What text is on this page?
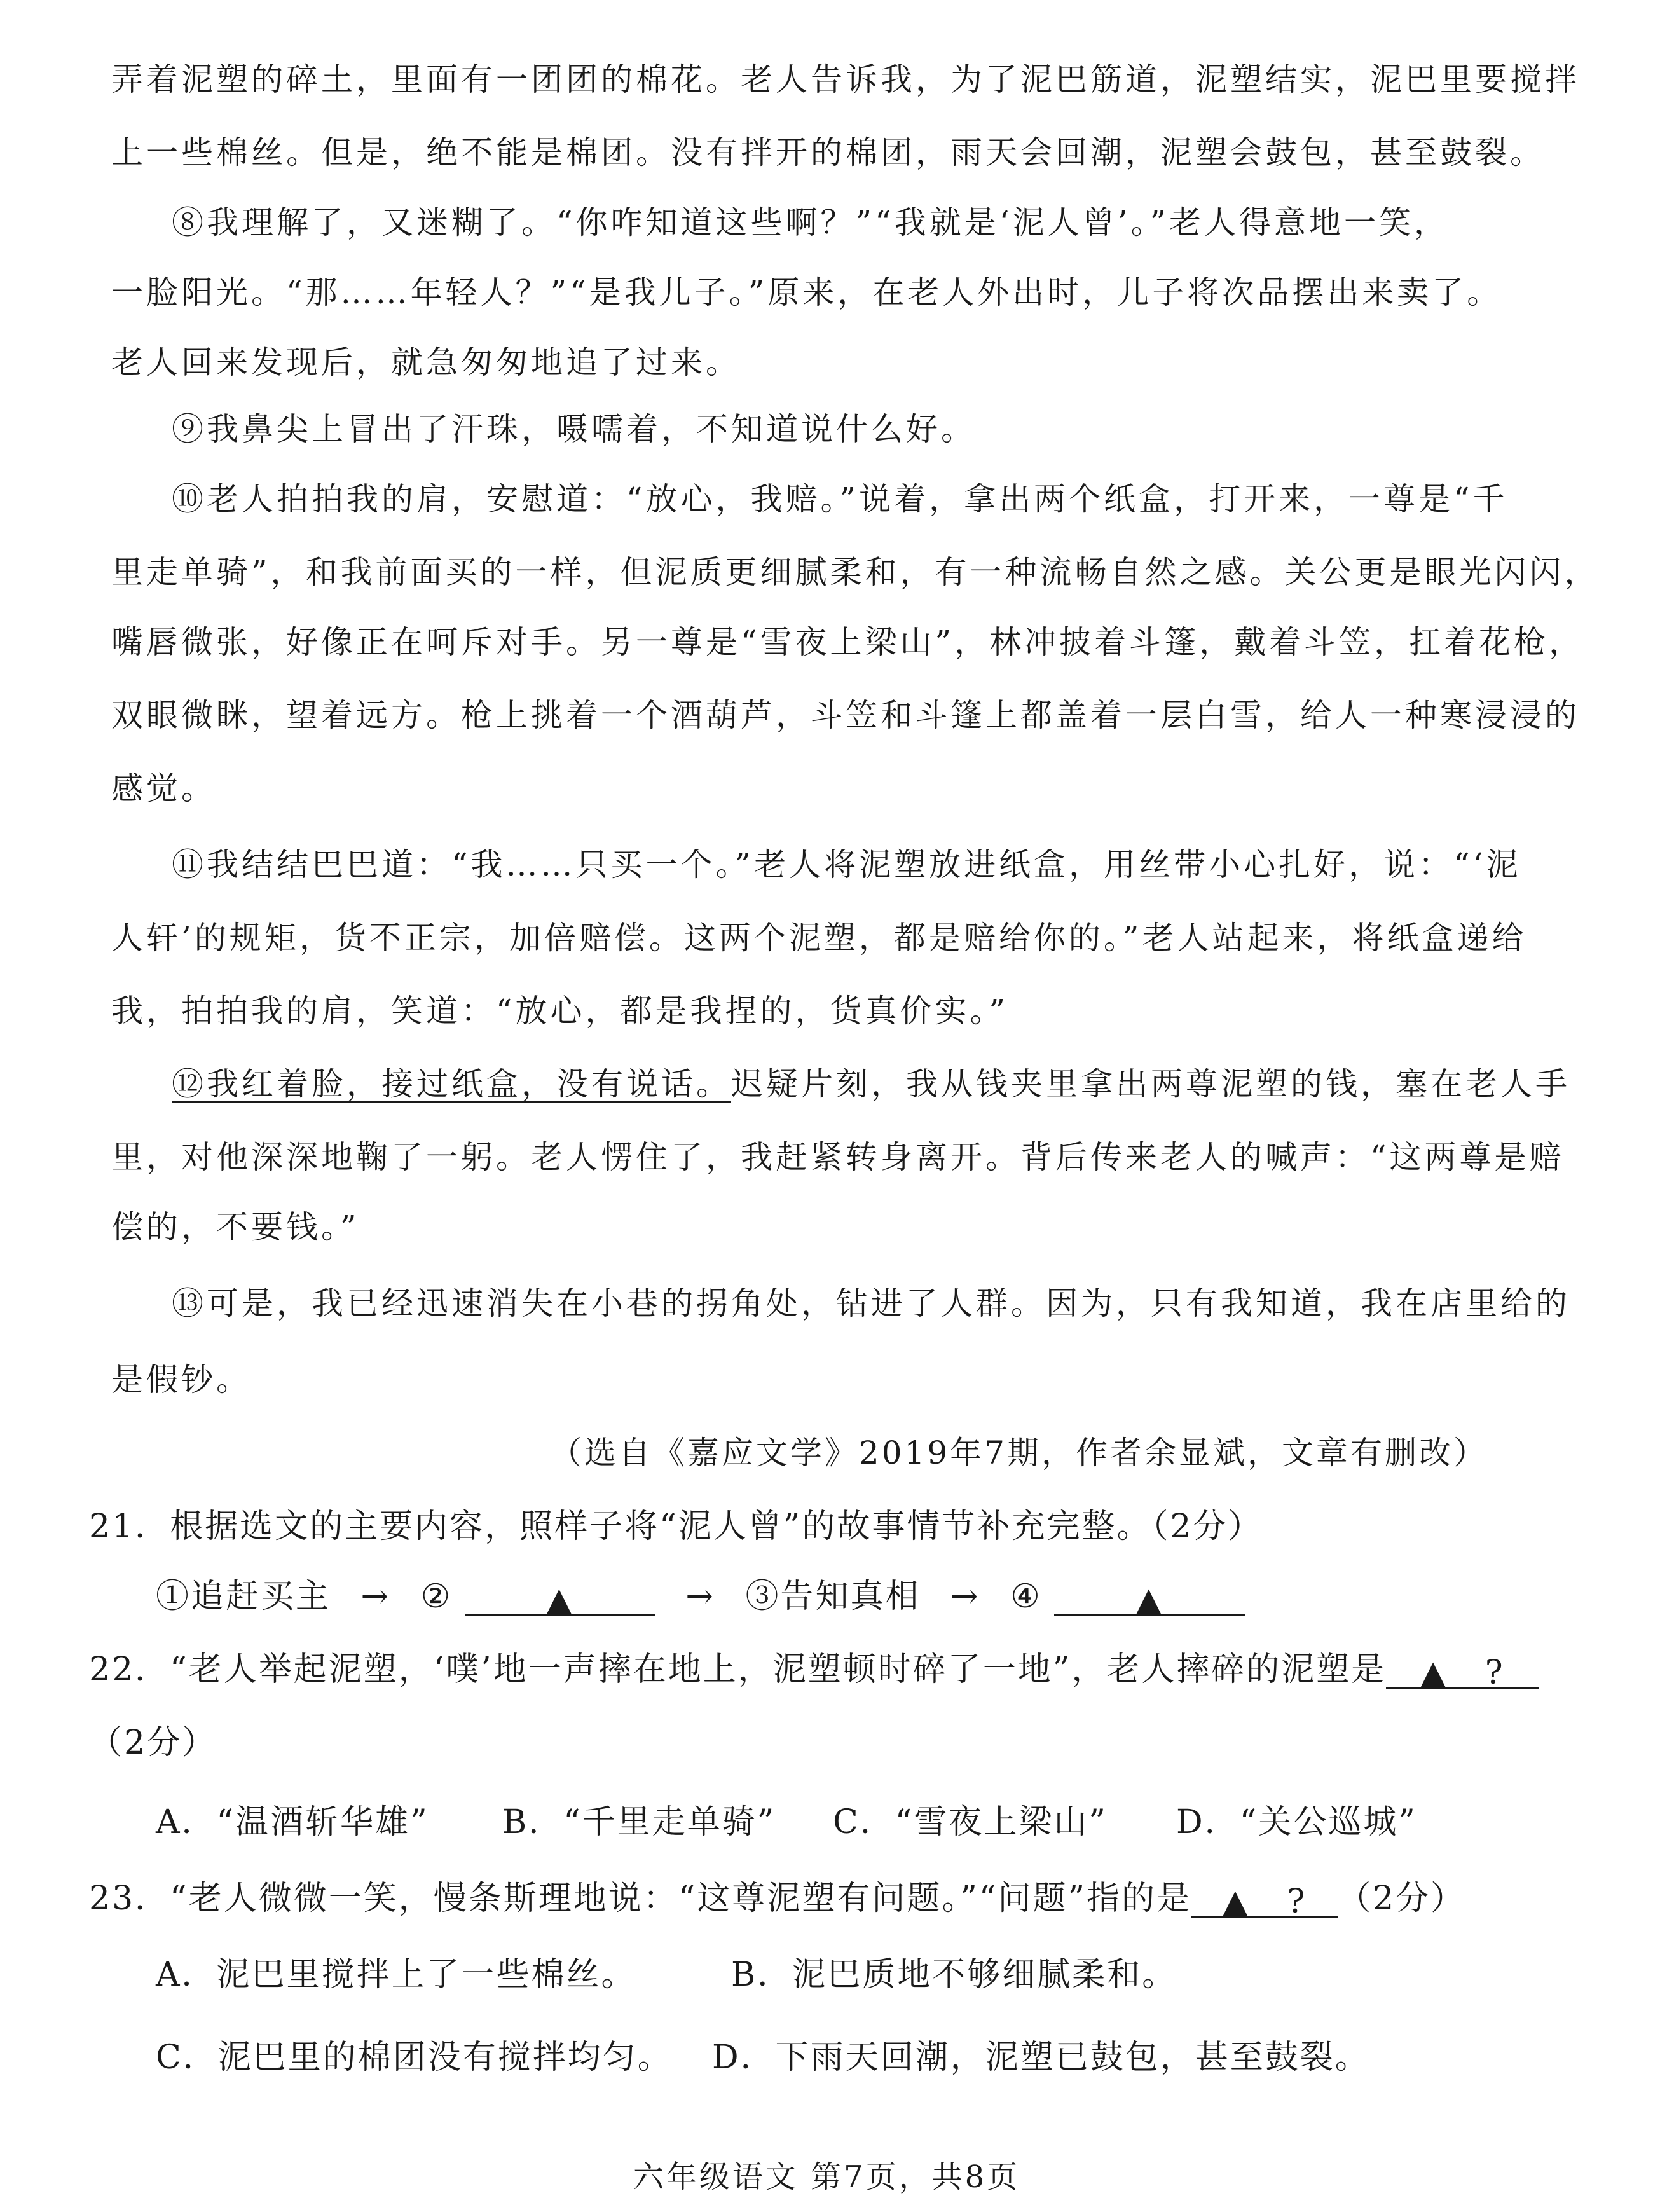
弄着泥塑的碎土，里面有一团团的棉花。老人告诉我，为了泥巴筋道，泥塑结实，泥巴里要搅拌
上一些棉丝。但是，绝不能是棉团。没有拌开的棉团，雨天会回潮，泥塑会鼓包，甚至鼓裂。
⑧我理解了，又迷糊了。“你咋知道这些啊？”“我就是‘泥人曾’。”老人得意地一笑，
一脸阳光。“那……年轻人？”“是我儿子。”原来，在老人外出时，儿子将次品摆出来卖了。
老人回来发现后，就急匆匆地追了过来。
⑨我鼻尖上冒出了汗珠，嗫嚅着，不知道说什么好。
⑩老人拍拍我的肩，安慰道：“放心，我赔。”说着，拿出两个纸盒，打开来，一尊是“千
里走单骑”，和我前面买的一样，但泥质更细腻柔和，有一种流畅自然之感。关公更是眼光闪闪，
嘴唇微张，好像正在呵斥对手。另一尊是“雪夜上梁山”，林冲披着斗篷，戴着斗笠，扛着花枪，
双眼微眯，望着远方。枪上挑着一个酒葫芦，斗笠和斗篷上都盖着一层白雪，给人一种寒浸浸的
感觉。
⑪我结结巴巴道：“我……只买一个。”老人将泥塑放进纸盒，用丝带小心扎好，说：“‘泥
人轩’的规矩，货不正宗，加倍赔偿。这两个泥塑，都是赔给你的。”老人站起来，将纸盒递给
我，拍拍我的肩，笑道：“放心，都是我捏的，货真价实。”
⑫我红着脸，接过纸盒，没有说话。迟疑片刻，我从钱夹里拿出两尊泥塑的钱，塞在老人手
里，对他深深地鞠了一躬。老人愣住了，我赶紧转身离开。背后传来老人的喊声：“这两尊是赔
偿的，不要钱。”
⑬可是，我已经迅速消失在小巷的拐角处，钻进了人群。因为，只有我知道，我在店里给的
是假钞。
（选自《嘉应文学》2019年7期，作者余显斌，文章有删改）
21．根据选文的主要内容，照样子将“泥人曾”的故事情节补充完整。（2分）
①追赶买主 → ②	▲	→ ③告知真相 → ④	▲
22．“老人举起泥塑，‘噗’地一声摔在地上，泥塑顿时碎了一地”，老人摔碎的泥塑是 ▲ ?
（2分）
A．“温酒斩华雄” B．“千里走单骑” C．“雪夜上梁山” D．“关公巡城”
23．“老人微微一笑，慢条斯理地说：“这尊泥塑有问题。”“问题”指的是 ▲ ? （2分）
A．泥巴里搅拌上了一些棉丝。	B．泥巴质地不够细腻柔和。
C．泥巴里的棉团没有搅拌均匀。 D．下雨天回潮，泥塑已鼓包，甚至鼓裂。
六年级语文 第7页，共8页
